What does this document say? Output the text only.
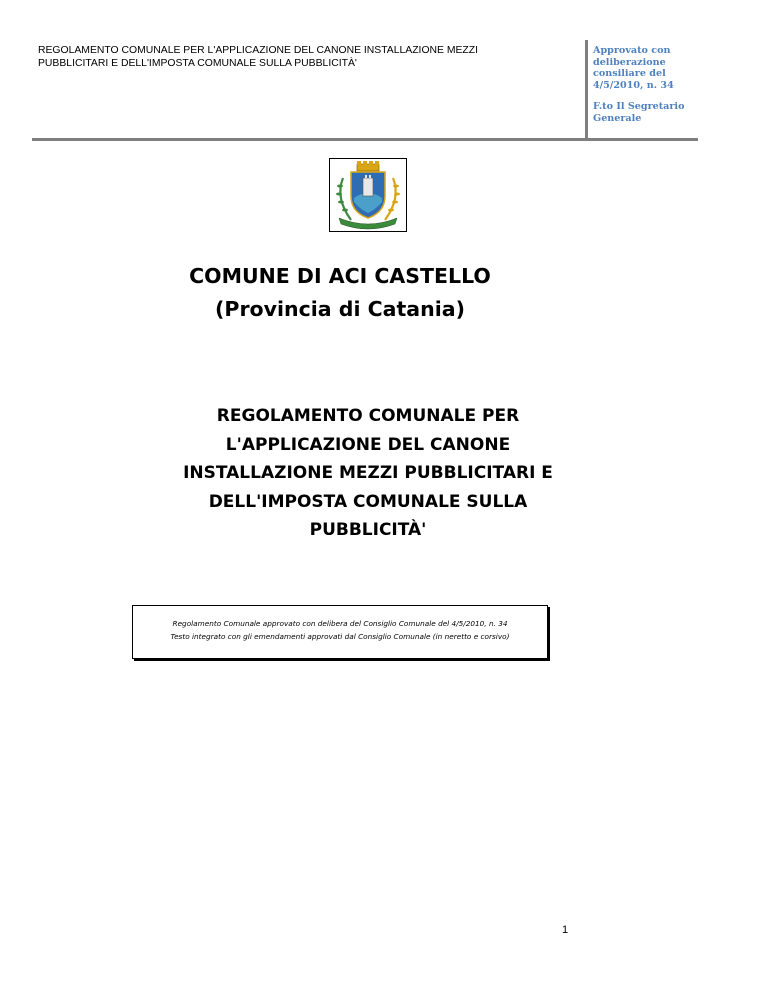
REGOLAMENTO COMUNALE PER L'APPLICAZIONE DEL CANONE INSTALLAZIONE MEZZI
PUBBLICITARI E DELL'IMPOSTA COMUNALE SULLA PUBBLICITÀ'
Approvato con
deliberazione
consiliare del
4/5/2010, n. 34
F.to Il Segretario
Generale
COMUNE DI ACI CASTELLO
(Provincia di Catania)
REGOLAMENTO COMUNALE PER
L'APPLICAZIONE DEL CANONE
INSTALLAZIONE MEZZI PUBBLICITARI E
DELL'IMPOSTA COMUNALE SULLA
PUBBLICITÀ'
Regolamento Comunale approvato con delibera del Consiglio Comunale del 4/5/2010, n. 34
Testo integrato con gli emendamenti approvati dal Consiglio Comunale (in neretto e corsivo)
1
